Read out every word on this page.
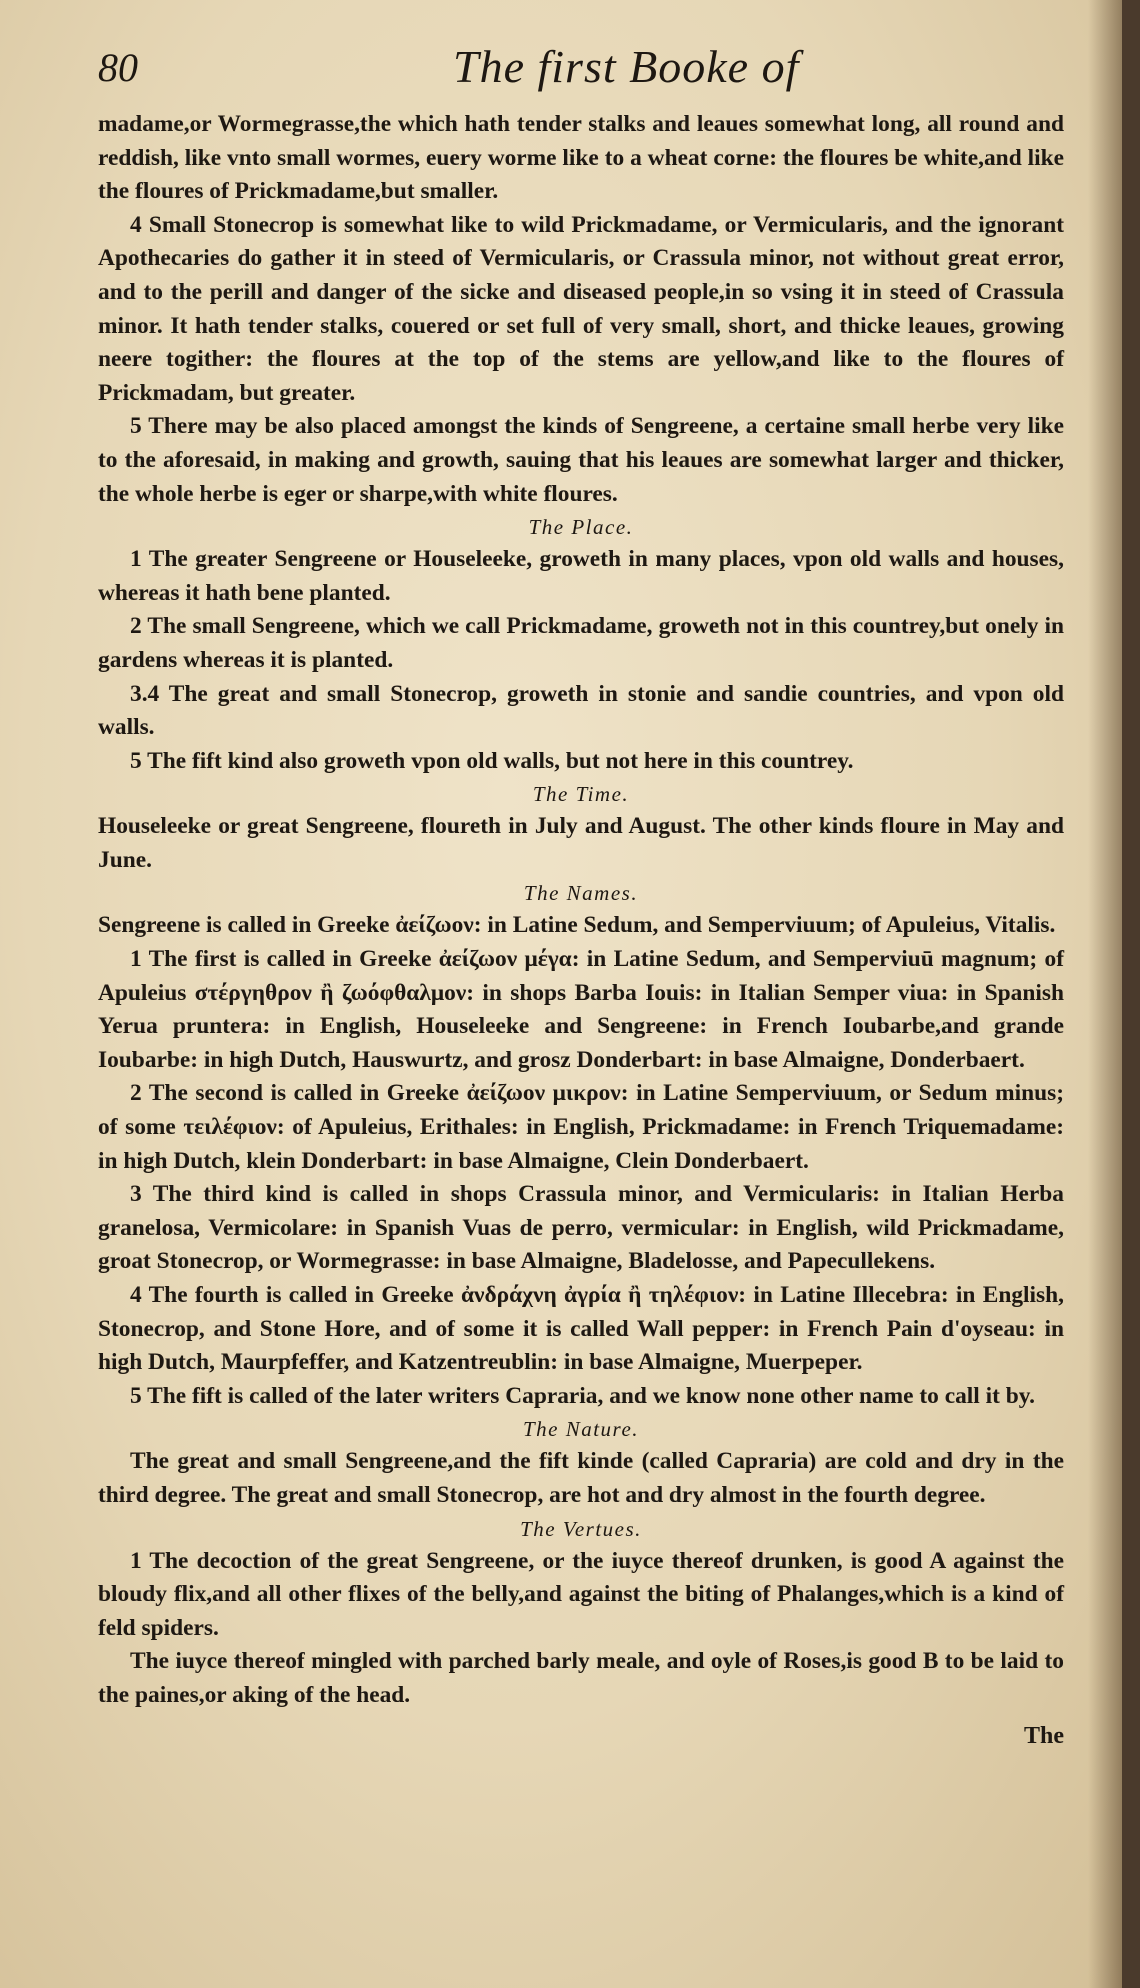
80	The first Booke of

madame,or Wormegrasse,the which hath tender stalks and leaues somewhat long, all round and reddish, like vnto small wormes, euery worme like to a wheat corne: the floures be white,and like the floures of Prickmadame,but smaller.

4 Small Stonecrop is somewhat like to wild Prickmadame, or Vermicularis, and the ignorant Apothecaries do gather it in steed of Vermicularis, or Crassula minor, not without great error, and to the perill and danger of the sicke and diseased people,in so vsing it in steed of Crassula minor. It hath tender stalks, couered or set full of very small, short, and thicke leaues, growing neere togither: the floures at the top of the stems are yellow,and like to the floures of Prickmadam, but greater.

5 There may be also placed amongst the kinds of Sengreene, a certaine small herbe very like to the aforesaid, in making and growth, sauing that his leaues are somewhat larger and thicker, the whole herbe is eger or sharpe,with white floures.

The Place.

1 The greater Sengreene or Houseleeke, groweth in many places, vpon old walls and houses, whereas it hath bene planted.

2 The small Sengreene, which we call Prickmadame, groweth not in this countrey,but onely in gardens whereas it is planted.

3.4 The great and small Stonecrop, groweth in stonie and sandie countries, and vpon old walls.

5 The fift kind also groweth vpon old walls, but not here in this countrey.

The Time.

Houseleeke or great Sengreene, floureth in July and August. The other kinds floure in May and June.

The Names.

Sengreene is called in Greeke ἀείζωον: in Latine Sedum, and Semperviuum; of Apuleius, Vitalis.

1 The first is called in Greeke ἀείζωον μέγα: in Latine Sedum, and Semperviuū magnum; of Apuleius στέργηθρον ἢ ζωόφθαλμον: in shops Barba Iouis: in Italian Semper viua: in Spanish Yerua pruntera: in English, Houseleeke and Sengreene: in French Ioubarbe,and grande Ioubarbe: in high Dutch, Hauswurtz, and grosz Donderbart: in base Almaigne, Donderbaert.

2 The second is called in Greeke ἀείζωον μικρον: in Latine Semperviuum, or Sedum minus; of some τειλέφιον: of Apuleius, Erithales: in English, Prickmadame: in French Triquemadame: in high Dutch, klein Donderbart: in base Almaigne, Clein Donderbaert.

3 The third kind is called in shops Crassula minor, and Vermicularis: in Italian Herba granelosa, Vermicolare: in Spanish Vuas de perro, vermicular: in English, wild Prickmadame, groat Stonecrop, or Wormegrasse: in base Almaigne, Bladelosse, and Papecullekens.

4 The fourth is called in Greeke ἀνδράχνη ἀγρία ἢ τηλέφιον: in Latine Illecebra: in English, Stonecrop, and Stone Hore, and of some it is called Wall pepper: in French Pain d'oyseau: in high Dutch, Maurpfeffer, and Katzentreublin: in base Almaigne, Muerpeper.

5 The fift is called of the later writers Capraria, and we know none other name to call it by.

The Nature.

The great and small Sengreene,and the fift kinde (called Capraria) are cold and dry in the third degree. The great and small Stonecrop, are hot and dry almost in the fourth degree.

The Vertues.

1 The decoction of the great Sengreene, or the iuyce thereof drunken, is good A against the bloudy flix,and all other flixes of the belly,and against the biting of Phalanges,which is a kind of feld spiders.

The iuyce thereof mingled with parched barly meale, and oyle of Roses,is good B to be laid to the paines,or aking of the head.

The
